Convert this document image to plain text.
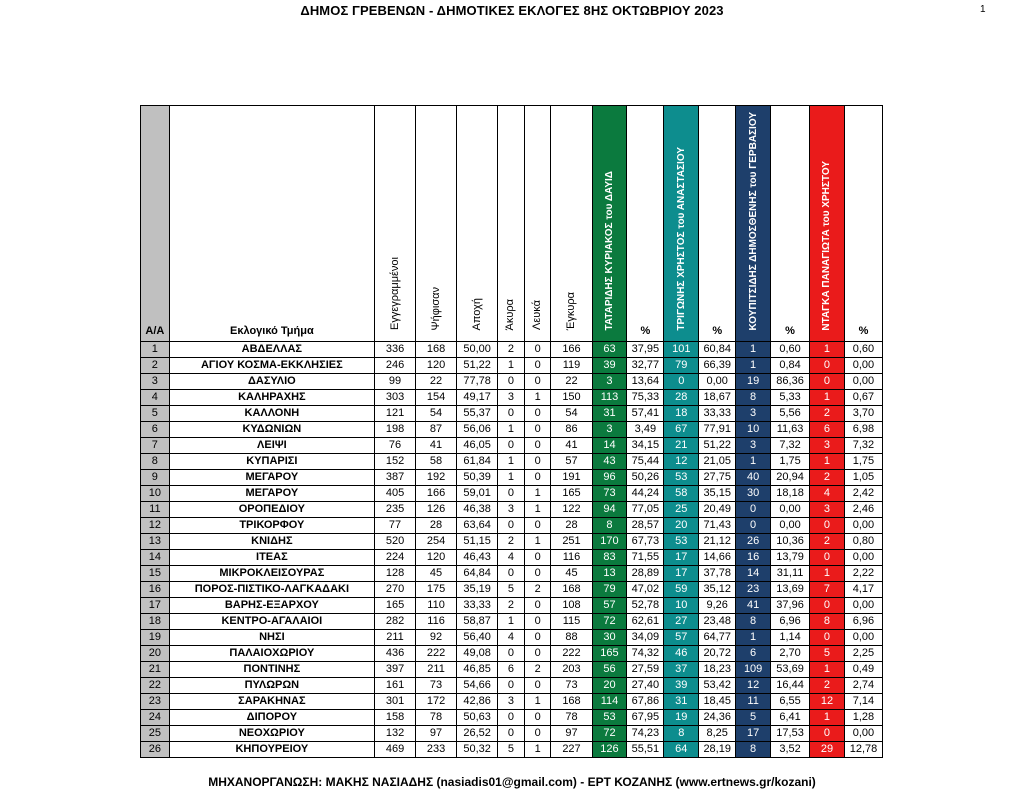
ΔΗΜΟΣ ΓΡΕΒΕΝΩΝ - ΔΗΜΟΤΙΚΕΣ ΕΚΛΟΓΕΣ 8ΗΣ ΟΚΤΩΒΡΙΟΥ 2023	1
Α/Α	Εκλογικό Τμήμα	Εγγεγραμμένοι	Ψήφισαν	Αποχή	Άκυρα	Λευκά	Έγκυρα	ΤΑΤΑΡΙΔΗΣ ΚΥΡΙΑΚΟΣ του ΔΑΥΙΔ	%	ΤΡΙΓΩΝΗΣ ΧΡΗΣΤΟΣ του ΑΝΑΣΤΑΣΙΟΥ	%	ΚΟΥΠΙΤΣΙΔΗΣ ΔΗΜΟΣΘΕΝΗΣ του ΓΕΡΒΑΣΙΟΥ	%	ΝΤΑΓΚΑ ΠΑΝΑΓΙΩΤΑ του ΧΡΗΣΤΟΥ	%
1	ΑΒΔΕΛΛΑΣ	336	168	50,00	2	0	166	63	37,95	101	60,84	1	0,60	1	0,60
2	ΑΓΙΟΥ ΚΟΣΜΑ-ΕΚΚΛΗΣΙΕΣ	246	120	51,22	1	0	119	39	32,77	79	66,39	1	0,84	0	0,00
3	ΔΑΣΥΛΙΟ	99	22	77,78	0	0	22	3	13,64	0	0,00	19	86,36	0	0,00
4	ΚΑΛΗΡΑΧΗΣ	303	154	49,17	3	1	150	113	75,33	28	18,67	8	5,33	1	0,67
5	ΚΑΛΛΟΝΗ	121	54	55,37	0	0	54	31	57,41	18	33,33	3	5,56	2	3,70
6	ΚΥΔΩΝΙΩΝ	198	87	56,06	1	0	86	3	3,49	67	77,91	10	11,63	6	6,98
7	ΛΕΙΨΙ	76	41	46,05	0	0	41	14	34,15	21	51,22	3	7,32	3	7,32
8	ΚΥΠΑΡΙΣΙ	152	58	61,84	1	0	57	43	75,44	12	21,05	1	1,75	1	1,75
9	ΜΕΓΑΡΟΥ	387	192	50,39	1	0	191	96	50,26	53	27,75	40	20,94	2	1,05
10	ΜΕΓΑΡΟΥ	405	166	59,01	0	1	165	73	44,24	58	35,15	30	18,18	4	2,42
11	ΟΡΟΠΕΔΙΟΥ	235	126	46,38	3	1	122	94	77,05	25	20,49	0	0,00	3	2,46
12	ΤΡΙΚΟΡΦΟΥ	77	28	63,64	0	0	28	8	28,57	20	71,43	0	0,00	0	0,00
13	ΚΝΙΔΗΣ	520	254	51,15	2	1	251	170	67,73	53	21,12	26	10,36	2	0,80
14	ΙΤΕΑΣ	224	120	46,43	4	0	116	83	71,55	17	14,66	16	13,79	0	0,00
15	ΜΙΚΡΟΚΛΕΙΣΟΥΡΑΣ	128	45	64,84	0	0	45	13	28,89	17	37,78	14	31,11	1	2,22
16	ΠΟΡΟΣ-ΠΙΣΤΙΚΟ-ΛΑΓΚΑΔΑΚΙ	270	175	35,19	5	2	168	79	47,02	59	35,12	23	13,69	7	4,17
17	ΒΑΡΗΣ-ΕΞΑΡΧΟΥ	165	110	33,33	2	0	108	57	52,78	10	9,26	41	37,96	0	0,00
18	ΚΕΝΤΡΟ-ΑΓΑΛΑΙΟΙ	282	116	58,87	1	0	115	72	62,61	27	23,48	8	6,96	8	6,96
19	ΝΗΣΙ	211	92	56,40	4	0	88	30	34,09	57	64,77	1	1,14	0	0,00
20	ΠΑΛΑΙΟΧΩΡΙΟΥ	436	222	49,08	0	0	222	165	74,32	46	20,72	6	2,70	5	2,25
21	ΠΟΝΤΙΝΗΣ	397	211	46,85	6	2	203	56	27,59	37	18,23	109	53,69	1	0,49
22	ΠΥΛΩΡΩΝ	161	73	54,66	0	0	73	20	27,40	39	53,42	12	16,44	2	2,74
23	ΣΑΡΑΚΗΝΑΣ	301	172	42,86	3	1	168	114	67,86	31	18,45	11	6,55	12	7,14
24	ΔΙΠΟΡΟΥ	158	78	50,63	0	0	78	53	67,95	19	24,36	5	6,41	1	1,28
25	ΝΕΟΧΩΡΙΟΥ	132	97	26,52	0	0	97	72	74,23	8	8,25	17	17,53	0	0,00
26	ΚΗΠΟΥΡΕΙΟΥ	469	233	50,32	5	1	227	126	55,51	64	28,19	8	3,52	29	12,78
ΜΗΧΑΝΟΡΓΑΝΩΣΗ: ΜΑΚΗΣ ΝΑΣΙΑΔΗΣ (nasiadis01@gmail.com) - ΕΡΤ ΚΟΖΑΝΗΣ (www.ertnews.gr/kozani)
